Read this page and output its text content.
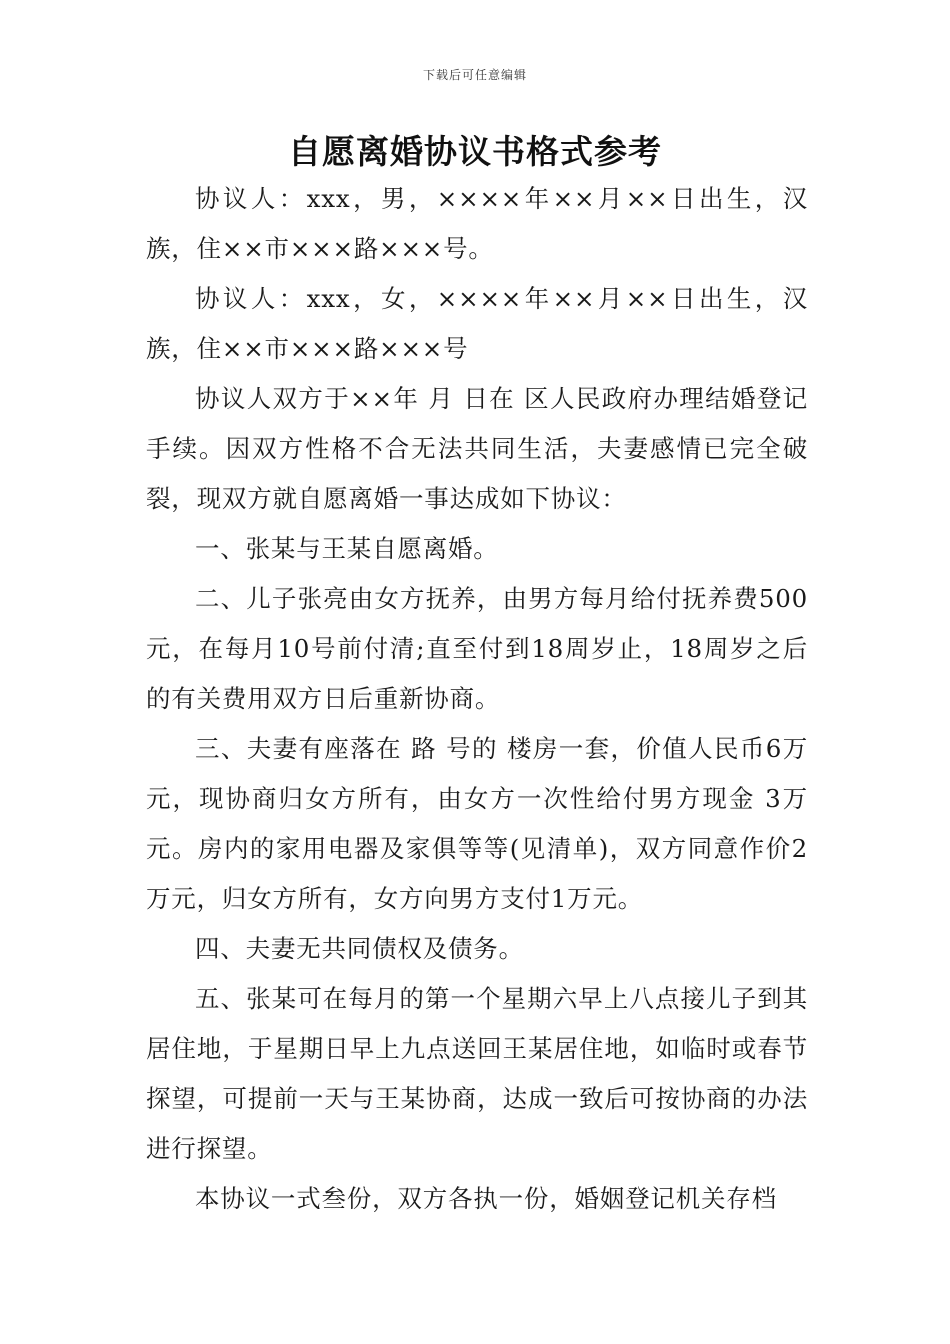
下载后可任意编辑
自愿离婚协议书格式参考

协议人：xxx，男，××××年××月××日出生，汉族，住××市×××路×××号。

协议人：xxx，女，××××年××月××日出生，汉族，住××市×××路×××号

协议人双方于××年 月 日在 区人民政府办理结婚登记手续。因双方性格不合无法共同生活，夫妻感情已完全破裂，现双方就自愿离婚一事达成如下协议：

一、张某与王某自愿离婚。

二、儿子张亮由女方抚养，由男方每月给付抚养费500元，在每月10号前付清;直至付到18周岁止，18周岁之后的有关费用双方日后重新协商。

三、夫妻有座落在 路 号的 楼房一套，价值人民币6万元，现协商归女方所有，由女方一次性给付男方现金 3万元。房内的家用电器及家俱等等(见清单)，双方同意作价2万元，归女方所有，女方向男方支付1万元。

四、夫妻无共同债权及债务。

五、张某可在每月的第一个星期六早上八点接儿子到其居住地，于星期日早上九点送回王某居住地，如临时或春节探望，可提前一天与王某协商，达成一致后可按协商的办法进行探望。

本协议一式叁份，双方各执一份，婚姻登记机关存档
